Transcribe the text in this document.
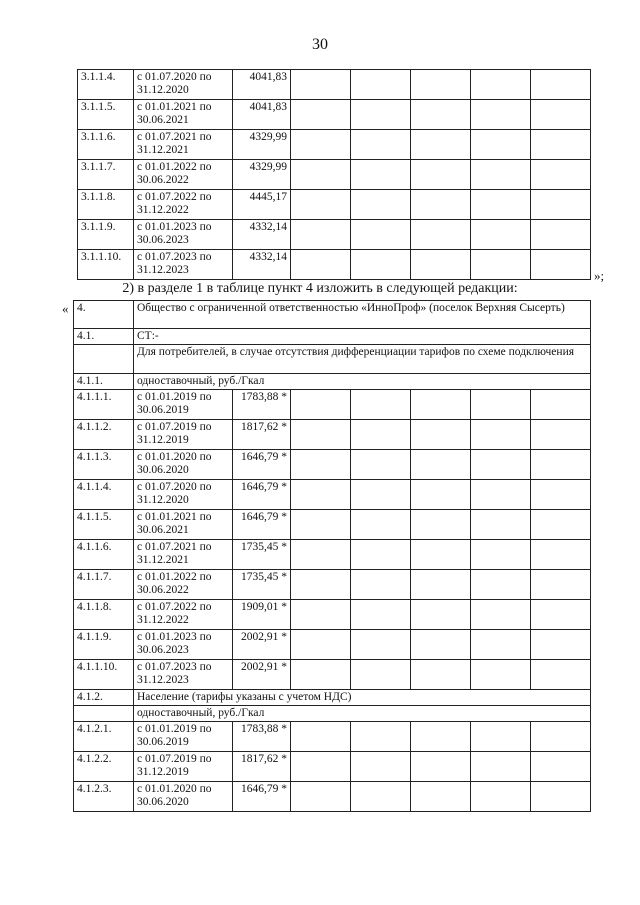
30
3.1.1.4.	с 01.07.2020 по 31.12.2020	4041,83					
3.1.1.5.	с 01.01.2021 по 30.06.2021	4041,83					
3.1.1.6.	с 01.07.2021 по 31.12.2021	4329,99					
3.1.1.7.	с 01.01.2022 по 30.06.2022	4329,99					
3.1.1.8.	с 01.07.2022 по 31.12.2022	4445,17					
3.1.1.9.	с 01.01.2023 по 30.06.2023	4332,14					
3.1.1.10.	с 01.07.2023 по 31.12.2023	4332,14					
»;
2) в разделе 1 в таблице пункт 4 изложить в следующей редакции:
« 4.	Общество с ограниченной ответственностью «ИнноПроф» (поселок Верхняя Сысерть)						
4.1.	СТ:-						
	Для потребителей, в случае отсутствия дифференциации тарифов по схеме подключения						
4.1.1.	одноставочный, руб./Гкал						
4.1.1.1.	с 01.01.2019 по 30.06.2019	1783,88 *					
4.1.1.2.	с 01.07.2019 по 31.12.2019	1817,62 *					
4.1.1.3.	с 01.01.2020 по 30.06.2020	1646,79 *					
4.1.1.4.	с 01.07.2020 по 31.12.2020	1646,79 *					
4.1.1.5.	с 01.01.2021 по 30.06.2021	1646,79 *					
4.1.1.6.	с 01.07.2021 по 31.12.2021	1735,45 *					
4.1.1.7.	с 01.01.2022 по 30.06.2022	1735,45 *					
4.1.1.8.	с 01.07.2022 по 31.12.2022	1909,01 *					
4.1.1.9.	с 01.01.2023 по 30.06.2023	2002,91 *					
4.1.1.10.	с 01.07.2023 по 31.12.2023	2002,91 *					
4.1.2.	Население (тарифы указаны с учетом НДС)						
	одноставочный, руб./Гкал						
4.1.2.1.	с 01.01.2019 по 30.06.2019	1783,88 *					
4.1.2.2.	с 01.07.2019 по 31.12.2019	1817,62 *					
4.1.2.3.	с 01.01.2020 по 30.06.2020	1646,79 *					
